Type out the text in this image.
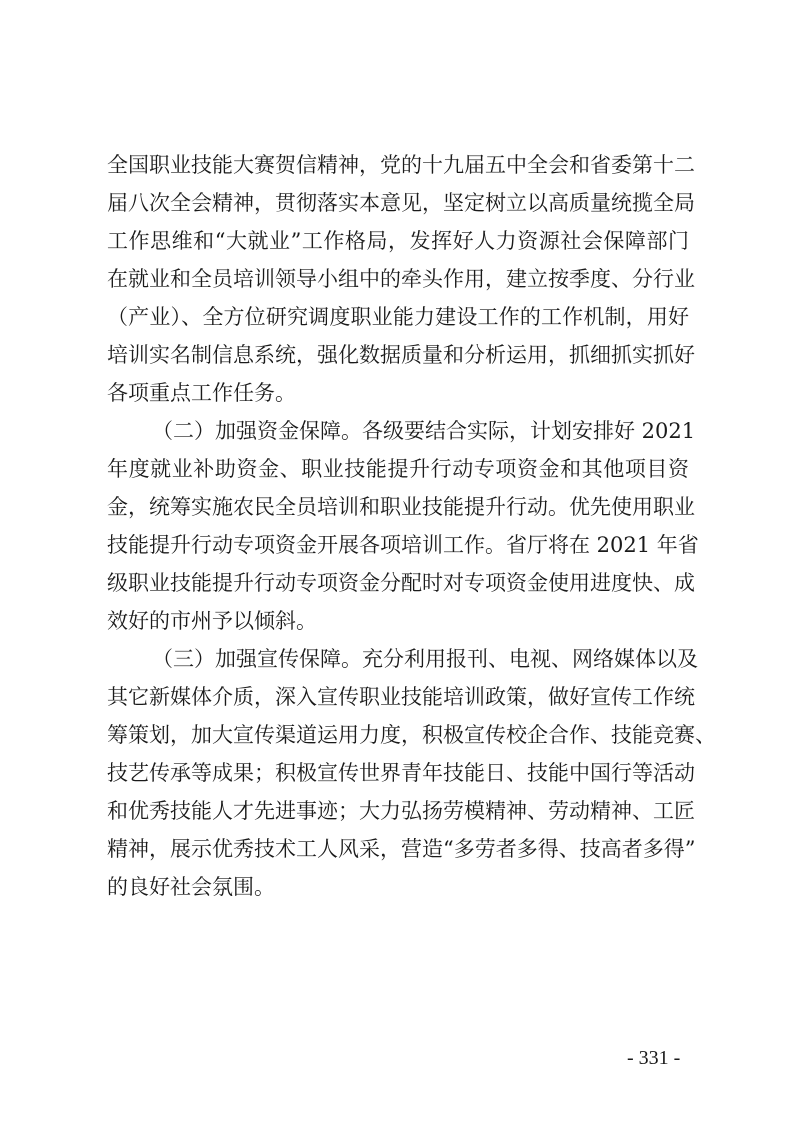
全国职业技能大赛贺信精神，党的十九届五中全会和省委第十二
届八次全会精神，贯彻落实本意见，坚定树立以高质量统揽全局
工作思维和“大就业”工作格局，发挥好人力资源社会保障部门
在就业和全员培训领导小组中的牵头作用，建立按季度、分行业
（产业）、全方位研究调度职业能力建设工作的工作机制，用好
培训实名制信息系统，强化数据质量和分析运用，抓细抓实抓好
各项重点工作任务。
（二）加强资金保障。各级要结合实际，计划安排好 2021
年度就业补助资金、职业技能提升行动专项资金和其他项目资
金，统筹实施农民全员培训和职业技能提升行动。优先使用职业
技能提升行动专项资金开展各项培训工作。省厅将在 2021 年省
级职业技能提升行动专项资金分配时对专项资金使用进度快、成
效好的市州予以倾斜。
（三）加强宣传保障。充分利用报刊、电视、网络媒体以及
其它新媒体介质，深入宣传职业技能培训政策，做好宣传工作统
筹策划，加大宣传渠道运用力度，积极宣传校企合作、技能竞赛、
技艺传承等成果；积极宣传世界青年技能日、技能中国行等活动
和优秀技能人才先进事迹；大力弘扬劳模精神、劳动精神、工匠
精神，展示优秀技术工人风采，营造“多劳者多得、技高者多得”
的良好社会氛围。
- 331 -
